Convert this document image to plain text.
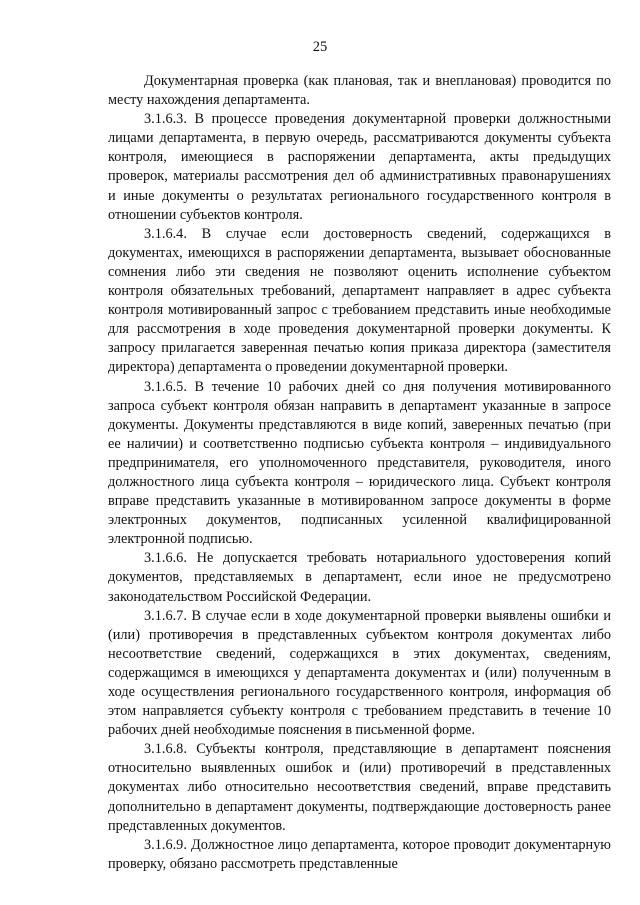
25

Документарная проверка (как плановая, так и внеплановая) проводится по месту нахождения департамента.

3.1.6.3. В процессе проведения документарной проверки должностными лицами департамента, в первую очередь, рассматриваются документы субъекта контроля, имеющиеся в распоряжении департамента, акты предыдущих проверок, материалы рассмотрения дел об административных правонарушениях и иные документы о результатах регионального государственного контроля в отношении субъектов контроля.

3.1.6.4. В случае если достоверность сведений, содержащихся в документах, имеющихся в распоряжении департамента, вызывает обоснованные сомнения либо эти сведения не позволяют оценить исполнение субъектом контроля обязательных требований, департамент направляет в адрес субъекта контроля мотивированный запрос с требованием представить иные необходимые для рассмотрения в ходе проведения документарной проверки документы. К запросу прилагается заверенная печатью копия приказа директора (заместителя директора) департамента о проведении документарной проверки.

3.1.6.5. В течение 10 рабочих дней со дня получения мотивированного запроса субъект контроля обязан направить в департамент указанные в запросе документы. Документы представляются в виде копий, заверенных печатью (при ее наличии) и соответственно подписью субъекта контроля – индивидуального предпринимателя, его уполномоченного представителя, руководителя, иного должностного лица субъекта контроля – юридического лица. Субъект контроля вправе представить указанные в мотивированном запросе документы в форме электронных документов, подписанных усиленной квалифицированной электронной подписью.

3.1.6.6. Не допускается требовать нотариального удостоверения копий документов, представляемых в департамент, если иное не предусмотрено законодательством Российской Федерации.

3.1.6.7. В случае если в ходе документарной проверки выявлены ошибки и (или) противоречия в представленных субъектом контроля документах либо несоответствие сведений, содержащихся в этих документах, сведениям, содержащимся в имеющихся у департамента документах и (или) полученным в ходе осуществления регионального государственного контроля, информация об этом направляется субъекту контроля с требованием представить в течение 10 рабочих дней необходимые пояснения в письменной форме.

3.1.6.8. Субъекты контроля, представляющие в департамент пояснения относительно выявленных ошибок и (или) противоречий в представленных документах либо относительно несоответствия сведений, вправе представить дополнительно в департамент документы, подтверждающие достоверность ранее представленных документов.

3.1.6.9. Должностное лицо департамента, которое проводит документарную проверку, обязано рассмотреть представленные
